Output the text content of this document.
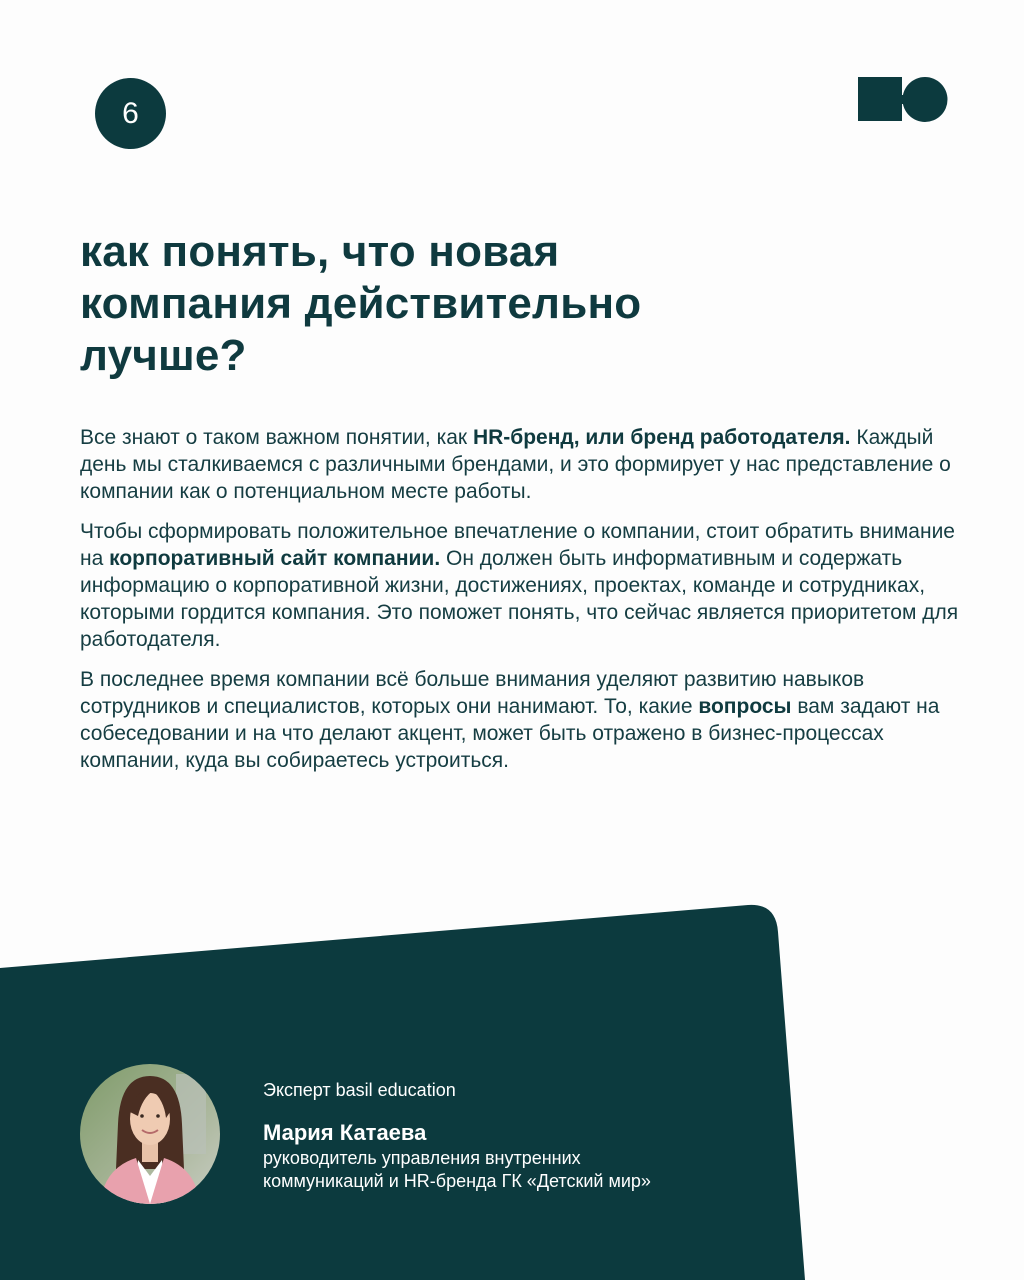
6
как понять, что новая
компания действительно
лучше?

Все знают о таком важном понятии, как HR-бренд, или бренд работодателя. Каждый день мы сталкиваемся с различными брендами, и это формирует у нас представление о компании как о потенциальном месте работы.

Чтобы сформировать положительное впечатление о компании, стоит обратить внимание на корпоративный сайт компании. Он должен быть информативным и содержать информацию о корпоративной жизни, достижениях, проектах, команде и сотрудниках, которыми гордится компания. Это поможет понять, что сейчас является приоритетом для работодателя.

В последнее время компании всё больше внимания уделяют развитию навыков сотрудников и специалистов, которых они нанимают. То, какие вопросы вам задают на собеседовании и на что делают акцент, может быть отражено в бизнес-процессах компании, куда вы собираетесь устроиться.

Эксперт basil education
Мария Катаева
руководитель управления внутренних
коммуникаций и HR-бренда ГК «Детский мир»
